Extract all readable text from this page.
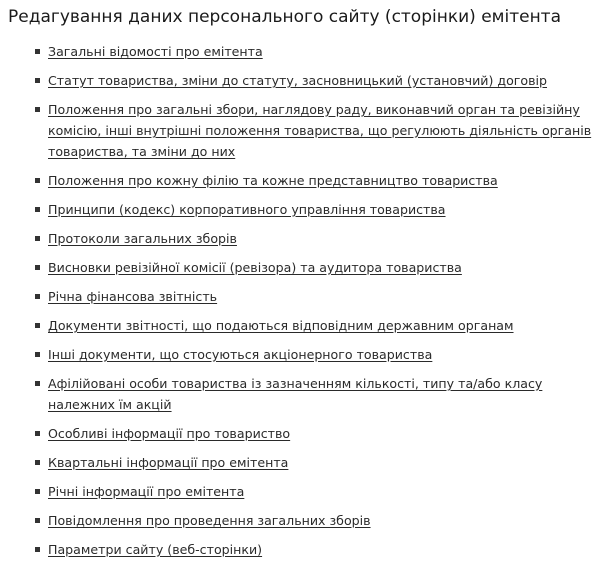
Редагування даних персонального сайту (сторінки) емітента
Загальні відомості про емітента
Статут товариства, зміни до статуту, засновницький (установчий) договір
Положення про загальні збори, наглядову раду, виконавчий орган та ревізійну комісію, інші внутрішні положення товариства, що регулюють діяльність органів товариства, та зміни до них
Положення про кожну філію та кожне представництво товариства
Принципи (кодекс) корпоративного управління товариства
Протоколи загальних зборів
Висновки ревізійної комісії (ревізора) та аудитора товариства
Річна фінансова звітність
Документи звітності, що подаються відповідним державним органам
Інші документи, що стосуються акціонерного товариства
Афілійовані особи товариства із зазначенням кількості, типу та/або класу належних їм акцій
Особливі інформації про товариство
Квартальні інформації про емітента
Річні інформації про емітента
Повідомлення про проведення загальних зборів
Параметри сайту (веб-сторінки)
